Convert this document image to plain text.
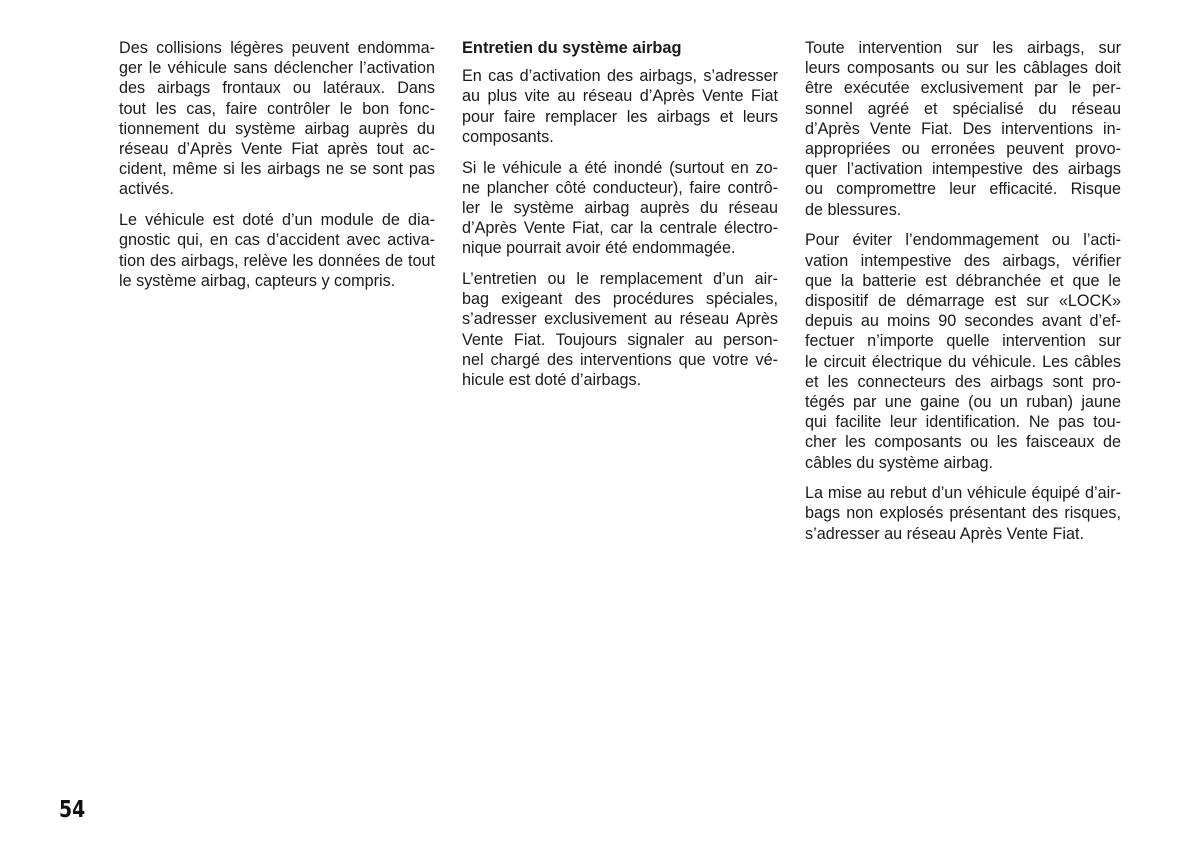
Des collisions légères peuvent endomma-
ger le véhicule sans déclencher l’activation
des airbags frontaux ou latéraux. Dans
tout les cas, faire contrôler le bon fonc-
tionnement du système airbag auprès du
réseau d’Après Vente Fiat après tout ac-
cident, même si les airbags ne se sont pas
activés.

Le véhicule est doté d’un module de dia-
gnostic qui, en cas d’accident avec activa-
tion des airbags, relève les données de tout
le système airbag, capteurs y compris.

Entretien du système airbag

En cas d’activation des airbags, s’adresser
au plus vite au réseau d’Après Vente Fiat
pour faire remplacer les airbags et leurs
composants.

Si le véhicule a été inondé (surtout en zo-
ne plancher côté conducteur), faire contrô-
ler le système airbag auprès du réseau
d’Après Vente Fiat, car la centrale électro-
nique pourrait avoir été endommagée.

L’entretien ou le remplacement d’un air-
bag exigeant des procédures spéciales,
s’adresser exclusivement au réseau Après
Vente Fiat. Toujours signaler au person-
nel chargé des interventions que votre vé-
hicule est doté d’airbags.

Toute intervention sur les airbags, sur
leurs composants ou sur les câblages doit
être exécutée exclusivement par le per-
sonnel agréé et spécialisé du réseau
d’Après Vente Fiat. Des interventions in-
appropriées ou erronées peuvent provo-
quer l’activation intempestive des airbags
ou compromettre leur efficacité. Risque
de blessures.

Pour éviter l’endommagement ou l’acti-
vation intempestive des airbags, vérifier
que la batterie est débranchée et que le
dispositif de démarrage est sur «LOCK»
depuis au moins 90 secondes avant d’ef-
fectuer n’importe quelle intervention sur
le circuit électrique du véhicule. Les câbles
et les connecteurs des airbags sont pro-
tégés par une gaine (ou un ruban) jaune
qui facilite leur identification. Ne pas tou-
cher les composants ou les faisceaux de
câbles du système airbag.

La mise au rebut d’un véhicule équipé d’air-
bags non explosés présentant des risques,
s’adresser au réseau Après Vente Fiat.

54
